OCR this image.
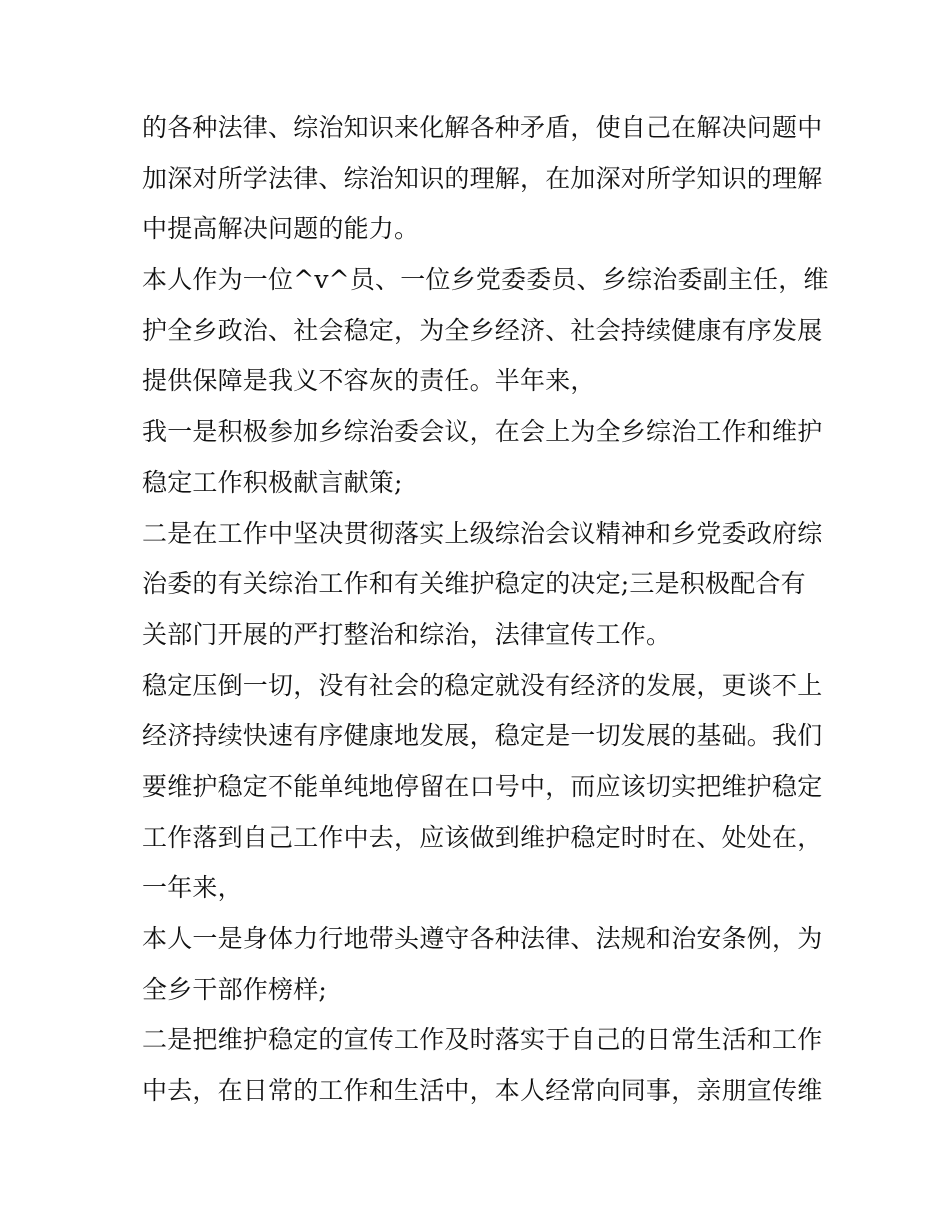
的各种法律、综治知识来化解各种矛盾，使自己在解决问题中
加深对所学法律、综治知识的理解，在加深对所学知识的理解
中提高解决问题的能力。
本人作为一位^v^员、一位乡党委委员、乡综治委副主任，维
护全乡政治、社会稳定，为全乡经济、社会持续健康有序发展
提供保障是我义不容灰的责任。半年来，
我一是积极参加乡综治委会议，在会上为全乡综治工作和维护
稳定工作积极献言献策;
二是在工作中坚决贯彻落实上级综治会议精神和乡党委政府综
治委的有关综治工作和有关维护稳定的决定;三是积极配合有
关部门开展的严打整治和综治，法律宣传工作。
稳定压倒一切，没有社会的稳定就没有经济的发展，更谈不上
经济持续快速有序健康地发展，稳定是一切发展的基础。我们
要维护稳定不能单纯地停留在口号中，而应该切实把维护稳定
工作落到自己工作中去，应该做到维护稳定时时在、处处在，
一年来，
本人一是身体力行地带头遵守各种法律、法规和治安条例，为
全乡干部作榜样;
二是把维护稳定的宣传工作及时落实于自己的日常生活和工作
中去，在日常的工作和生活中，本人经常向同事，亲朋宣传维
